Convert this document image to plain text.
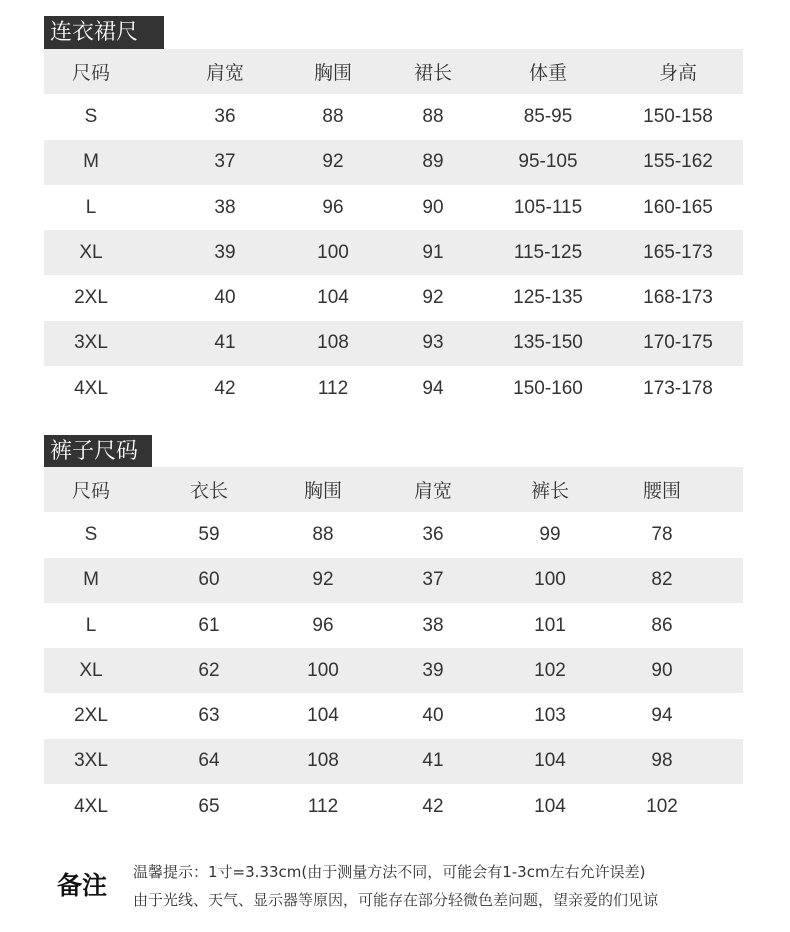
连衣裙尺
尺码	肩宽	胸围	裙长	体重	身高
S	36	88	88	85-95	150-158
M	37	92	89	95-105	155-162
L	38	96	90	105-115	160-165
XL	39	100	91	115-125	165-173
2XL	40	104	92	125-135	168-173
3XL	41	108	93	135-150	170-175
4XL	42	112	94	150-160	173-178
裤子尺码
尺码	衣长	胸围	肩宽	裤长	腰围
S	59	88	36	99	78
M	60	92	37	100	82
L	61	96	38	101	86
XL	62	100	39	102	90
2XL	63	104	40	103	94
3XL	64	108	41	104	98
4XL	65	112	42	104	102
备注 温馨提示：1寸=3.33cm(由于测量方法不同，可能会有1-3cm左右允许误差)
由于光线、天气、显示器等原因，可能存在部分轻微色差问题，望亲爱的们见谅
